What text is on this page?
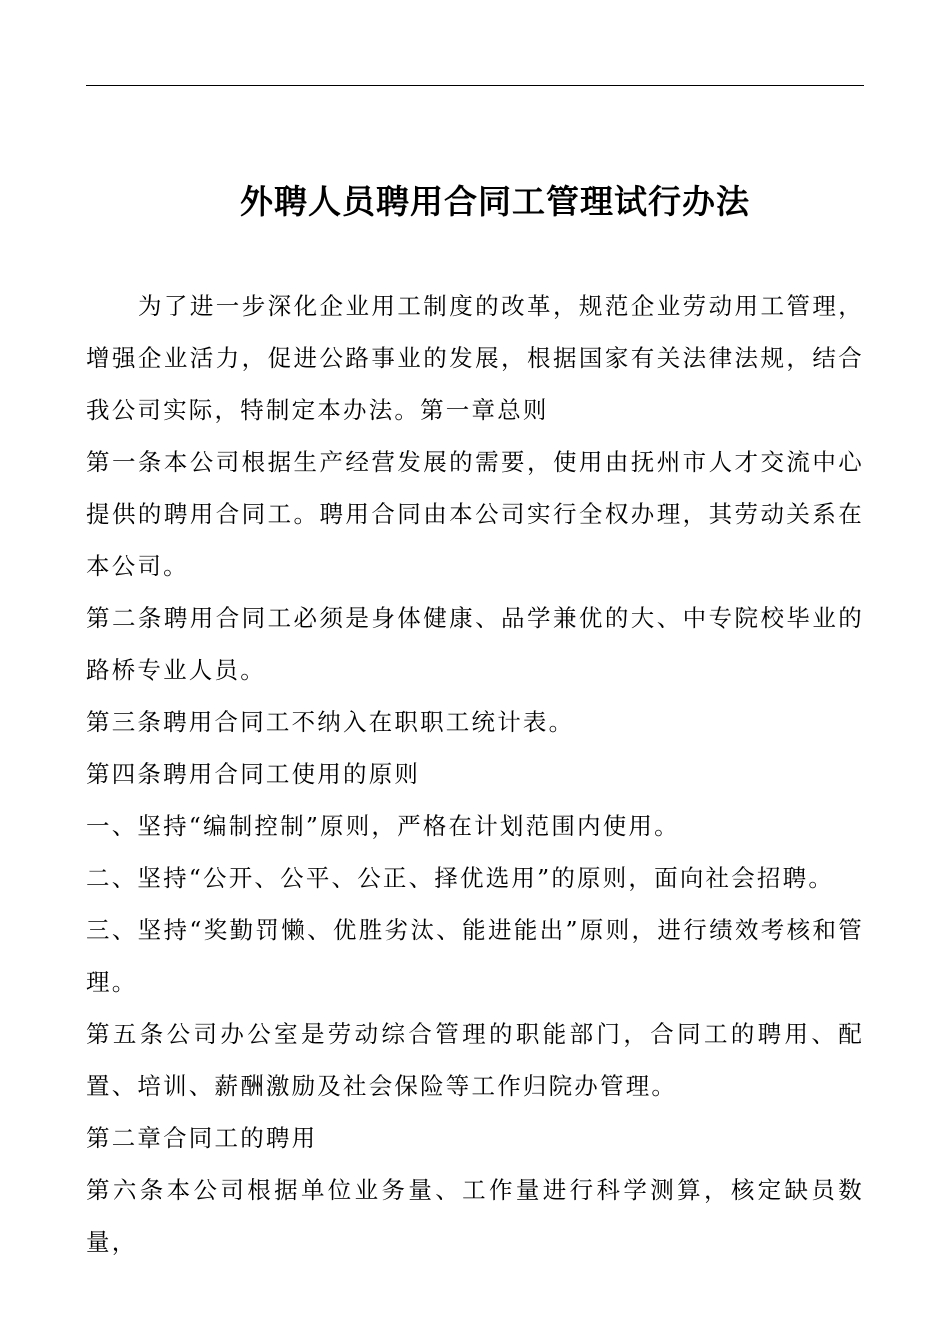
外聘人员聘用合同工管理试行办法

为了进一步深化企业用工制度的改革，规范企业劳动用工管理，增强企业活力，促进公路事业的发展，根据国家有关法律法规，结合我公司实际，特制定本办法。第一章总则

第一条本公司根据生产经营发展的需要，使用由抚州市人才交流中心提供的聘用合同工。聘用合同由本公司实行全权办理，其劳动关系在本公司。

第二条聘用合同工必须是身体健康、品学兼优的大、中专院校毕业的路桥专业人员。

第三条聘用合同工不纳入在职职工统计表。

第四条聘用合同工使用的原则

一、坚持“编制控制”原则，严格在计划范围内使用。

二、坚持“公开、公平、公正、择优选用”的原则，面向社会招聘。

三、坚持“奖勤罚懒、优胜劣汰、能进能出”原则，进行绩效考核和管理。

第五条公司办公室是劳动综合管理的职能部门，合同工的聘用、配置、培训、薪酬激励及社会保险等工作归院办管理。

第二章合同工的聘用

第六条本公司根据单位业务量、工作量进行科学测算，核定缺员数量，
